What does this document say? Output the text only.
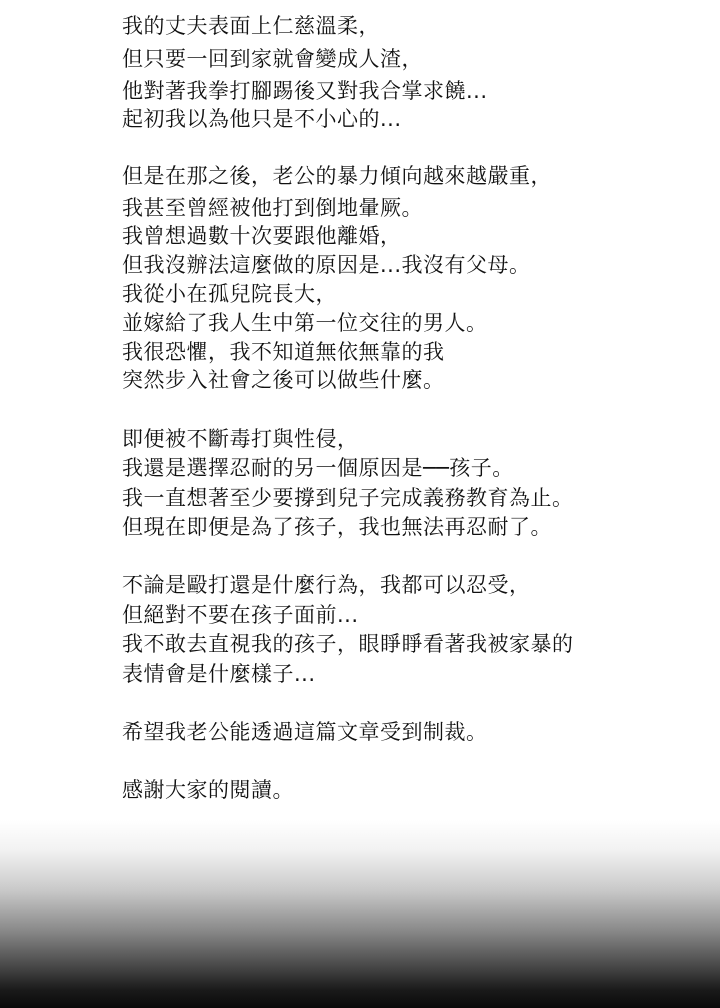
我的丈夫表面上仁慈溫柔，
但只要一回到家就會變成人渣，
他對著我拳打腳踢後又對我合掌求饒...
起初我以為他只是不小心的...
但是在那之後，老公的暴力傾向越來越嚴重，
我甚至曾經被他打到倒地暈厥。
我曾想過數十次要跟他離婚，
但我沒辦法這麼做的原因是...我沒有父母。
我從小在孤兒院長大，
並嫁給了我人生中第一位交往的男人。
我很恐懼，我不知道無依無靠的我
突然步入社會之後可以做些什麼。
即便被不斷毒打與性侵，
我還是選擇忍耐的另一個原因是──孩子。
我一直想著至少要撐到兒子完成義務教育為止。
但現在即便是為了孩子，我也無法再忍耐了。
不論是毆打還是什麼行為，我都可以忍受，
但絕對不要在孩子面前...
我不敢去直視我的孩子，眼睜睜看著我被家暴的
表情會是什麼樣子...
希望我老公能透過這篇文章受到制裁。
感謝大家的閱讀。
